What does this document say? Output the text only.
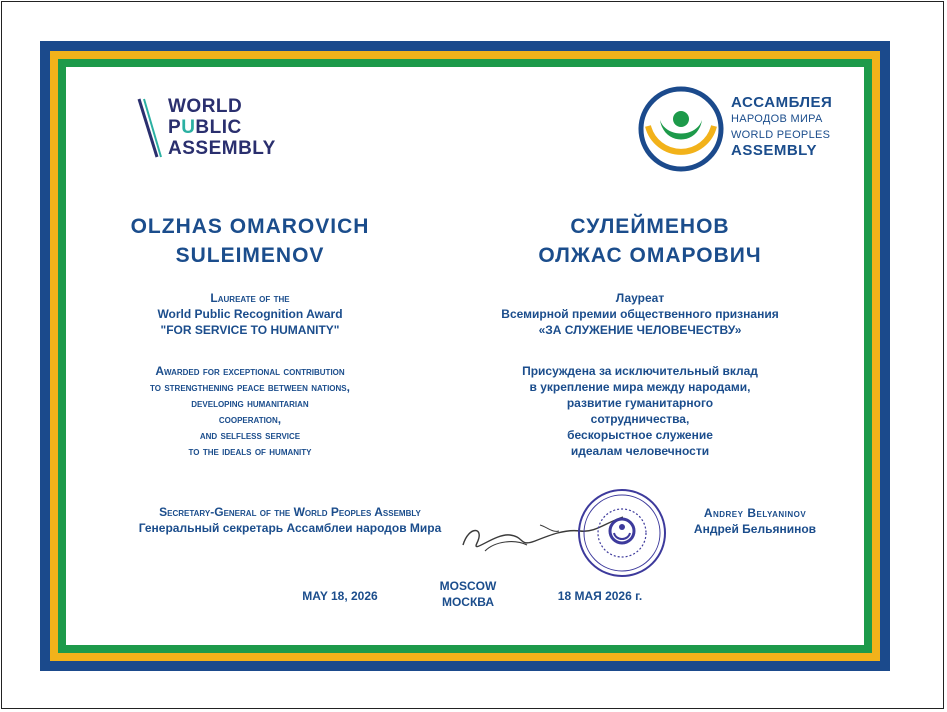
WORLD
PUBLIC
ASSEMBLY
АССАМБЛЕЯ
НАРОДОВ МИРА
WORLD PEOPLES
ASSEMBLY
OLZHAS OMAROVICH
SULEIMENOV
СУЛЕЙМЕНОВ
ОЛЖАС ОМАРОВИЧ
Laureate of the
World Public Recognition Award
"FOR SERVICE TO HUMANITY"
Лауреат
Всемирной премии общественного признания
«ЗА СЛУЖЕНИЕ ЧЕЛОВЕЧЕСТВУ»
Awarded for exceptional contribution
to strengthening peace between nations,
developing humanitarian
cooperation,
and selfless service
to the ideals of humanity
Присуждена за исключительный вклад
в укрепление мира между народами,
развитие гуманитарного
сотрудничества,
бескорыстное служение
идеалам человечности
Secretary-General of the World Peoples Assembly
Генеральный секретарь Ассамблеи народов Мира
Andrey Belyaninov
Андрей Бельянинов
MAY 18, 2026
MOSCOW
МОСКВА	18 МАЯ 2026 г.
